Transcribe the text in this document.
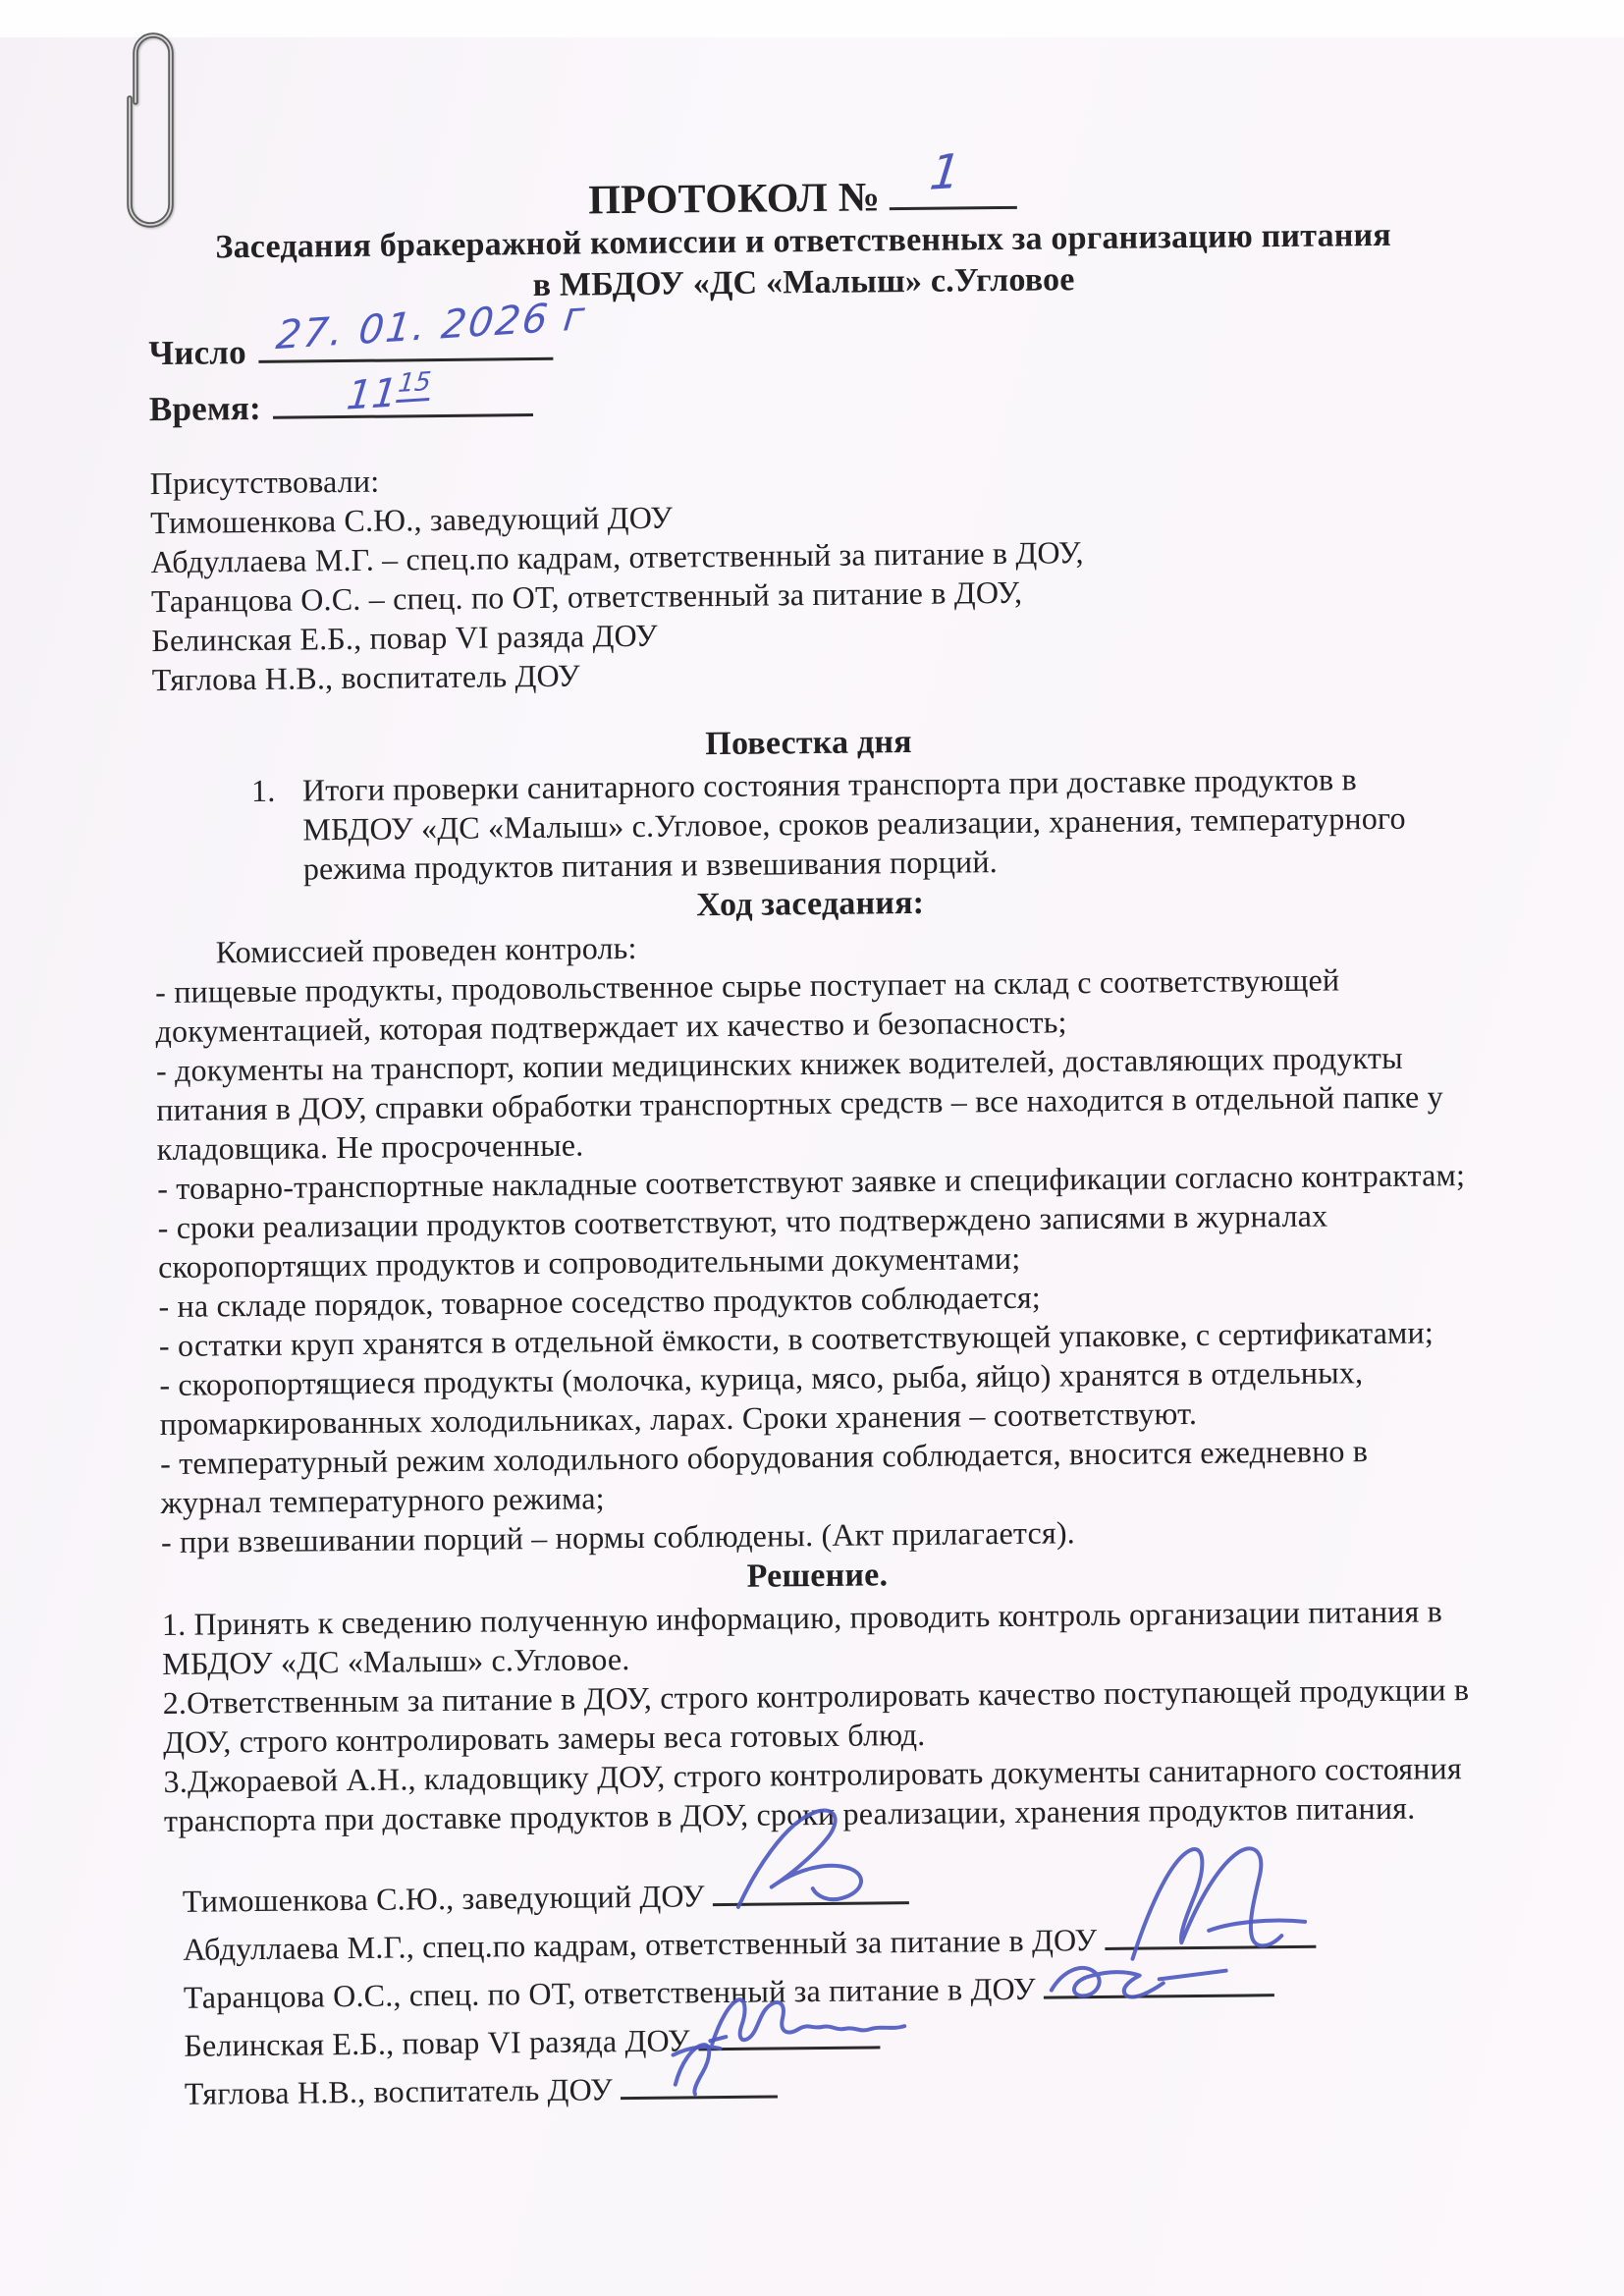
ПРОТОКОЛ № 1

Заседания бракеражной комиссии и ответственных за организацию питания

в МБДОУ «ДС «Малыш» с.Угловое

Число 27. 01. 2026 г
Время: $11^{15}$

Присутствовали:

Тимошенкова С.Ю., заведующий ДОУ

Абдуллаева М.Г. – спец.по кадрам, ответственный за питание в ДОУ,

Таранцова О.С. – спец. по ОТ, ответственный за питание в ДОУ,

Белинская Е.Б., повар VI разяда ДОУ

Тяглова Н.В., воспитатель ДОУ

Повестка дня

1. Итоги проверки санитарного состояния транспорта при доставке продуктов в МБДОУ «ДС «Малыш» с.Угловое, сроков реализации, хранения, температурного режима продуктов питания и взвешивания порций.

Ход заседания:

Комиссией проведен контроль:

- пищевые продукты, продовольственное сырье поступает на склад с соответствующей документацией, которая подтверждает их качество и безопасность;

- документы на транспорт, копии медицинских книжек водителей, доставляющих продукты питания в ДОУ, справки обработки транспортных средств – все находится в отдельной папке у кладовщика. Не просроченные.

- товарно-транспортные накладные соответствуют заявке и спецификации согласно контрактам;

- сроки реализации продуктов соответствуют, что подтверждено записями в журналах скоропортящих продуктов и сопроводительными документами;

- на складе порядок, товарное соседство продуктов соблюдается;

- остатки круп хранятся в отдельной ёмкости, в соответствующей упаковке, с сертификатами;

- скоропортящиеся продукты (молочка, курица, мясо, рыба, яйцо) хранятся в отдельных, промаркированных холодильниках, ларах. Сроки хранения – соответствуют.

- температурный режим холодильного оборудования соблюдается, вносится ежедневно в журнал температурного режима;

- при взвешивании порций – нормы соблюдены. (Акт прилагается).

Решение.

1. Принять к сведению полученную информацию, проводить контроль организации питания в МБДОУ «ДС «Малыш» с.Угловое.

2.Ответственным за питание в ДОУ, строго контролировать качество поступающей продукции в ДОУ, строго контролировать замеры веса готовых блюд.

3.Джораевой А.Н., кладовщику ДОУ, строго контролировать документы санитарного состояния транспорта при доставке продуктов в ДОУ, сроки реализации, хранения продуктов питания.

Тимошенкова С.Ю., заведующий ДОУ

Абдуллаева М.Г., спец.по кадрам, ответственный за питание в ДОУ

Таранцова О.С., спец. по ОТ, ответственный за питание в ДОУ

Белинская Е.Б., повар VI разяда ДОУ

Тяглова Н.В., воспитатель ДОУ
